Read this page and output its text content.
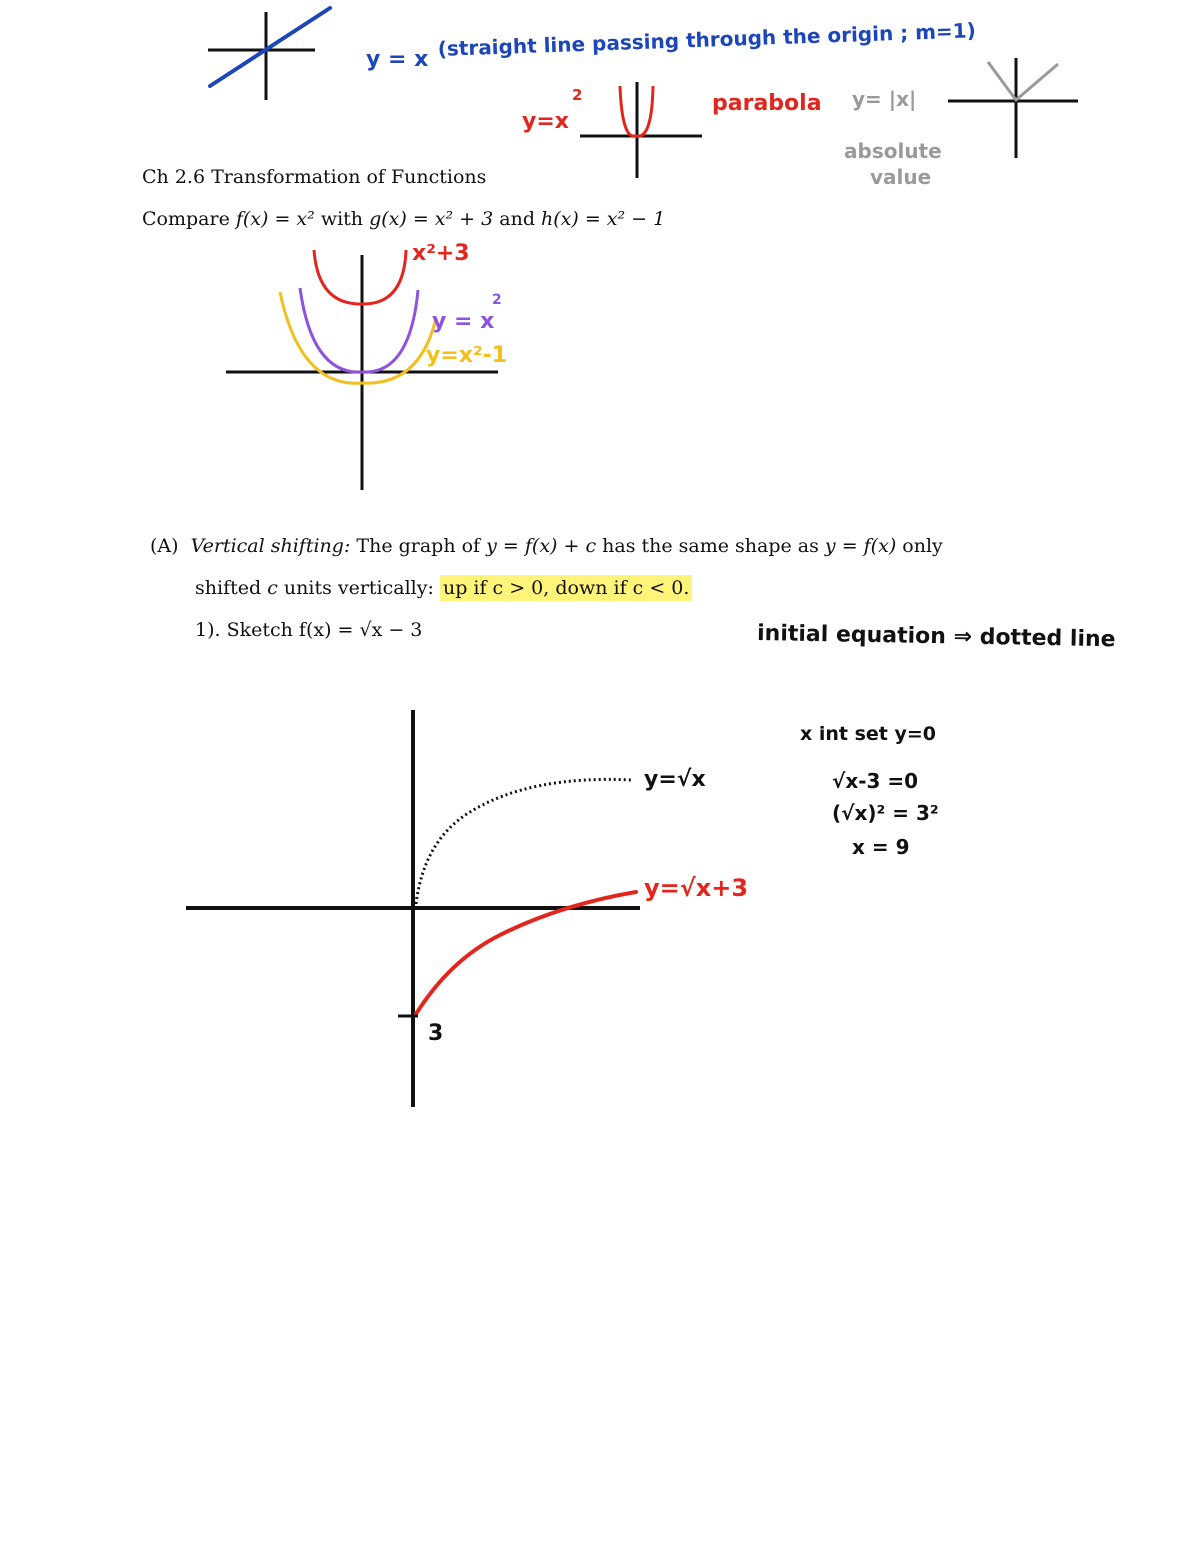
y = x (straight line passing through the origin ; m=1)
y=x
2	parabola y= |x|
absolute
value
x²+3
y = x
2
y=x²-1
initial equation ⇒ dotted line
3
y=√x
y=√x+3
x int set y=0
√x-3 =0
(√x)² = 3²
x = 9
Ch 2.6 Transformation of Functions
Compare f(x) = x² with g(x) = x² + 3 and h(x) = x² − 1
(A) Vertical shifting: The graph of y = f(x) + c has the same shape as y = f(x) only
shifted c units vertically: up if c > 0, down if c < 0.
1). Sketch f(x) = √x − 3
